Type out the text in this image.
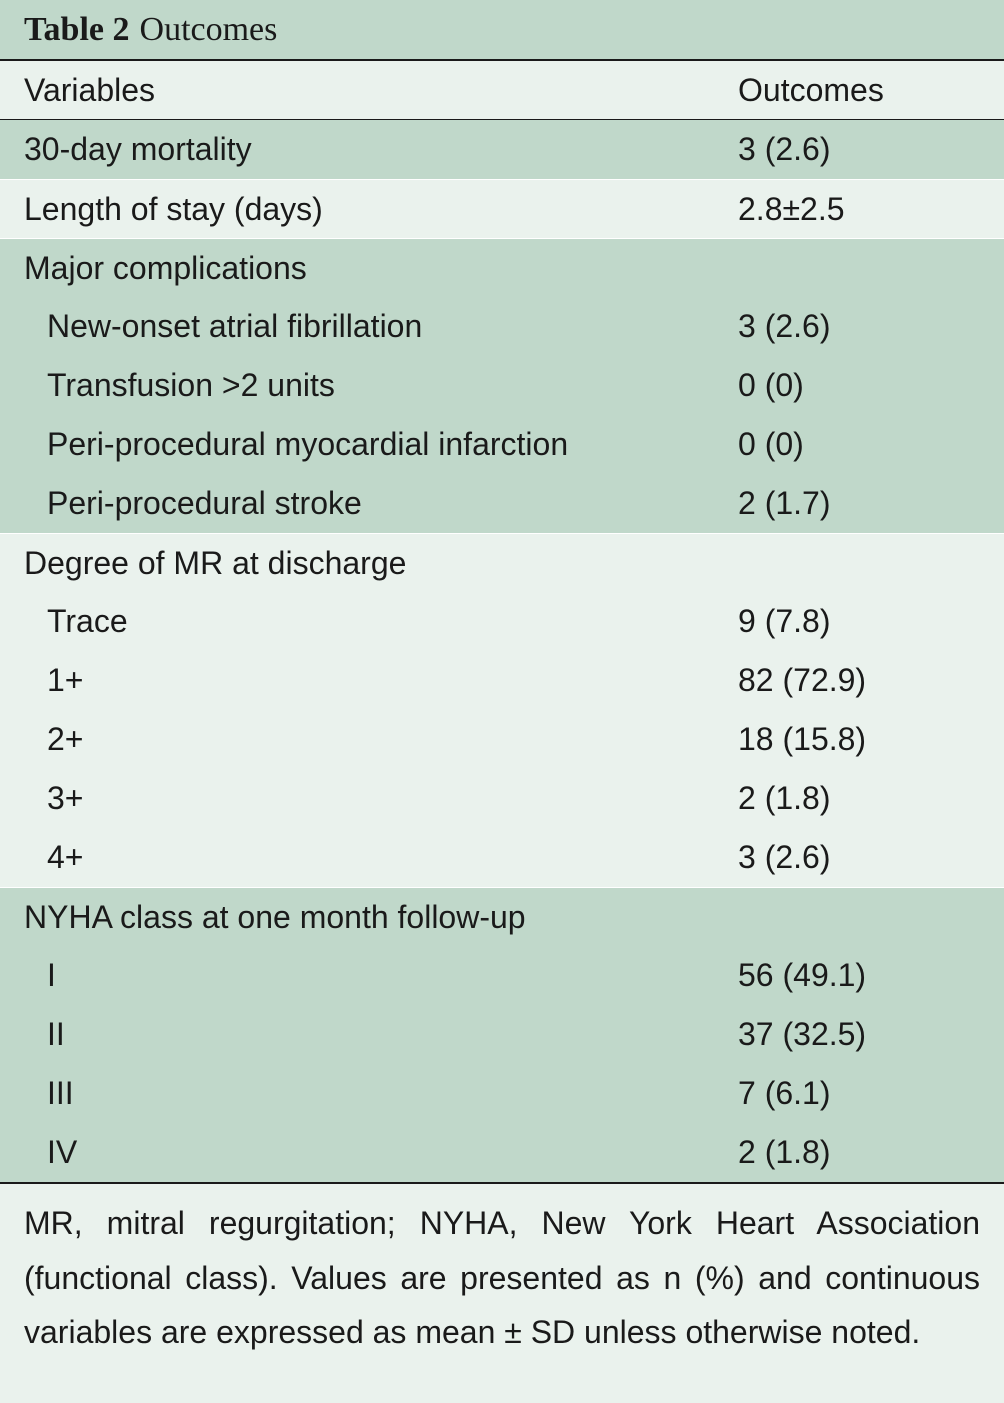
Table 2 Outcomes
Variables	Outcomes
30-day mortality	3 (2.6)
Length of stay (days)	2.8±2.5
Major complications
New-onset atrial fibrillation	3 (2.6)
Transfusion >2 units	0 (0)
Peri-procedural myocardial infarction	0 (0)
Peri-procedural stroke	2 (1.7)
Degree of MR at discharge
Trace	9 (7.8)
1+	82 (72.9)
2+	18 (15.8)
3+	2 (1.8)
4+	3 (2.6)
NYHA class at one month follow-up
I	56 (49.1)
II	37 (32.5)
III	7 (6.1)
IV	2 (1.8)
MR, mitral regurgitation; NYHA, New York Heart Association (functional class). Values are presented as n (%) and continuous variables are expressed as mean ± SD unless otherwise noted.
